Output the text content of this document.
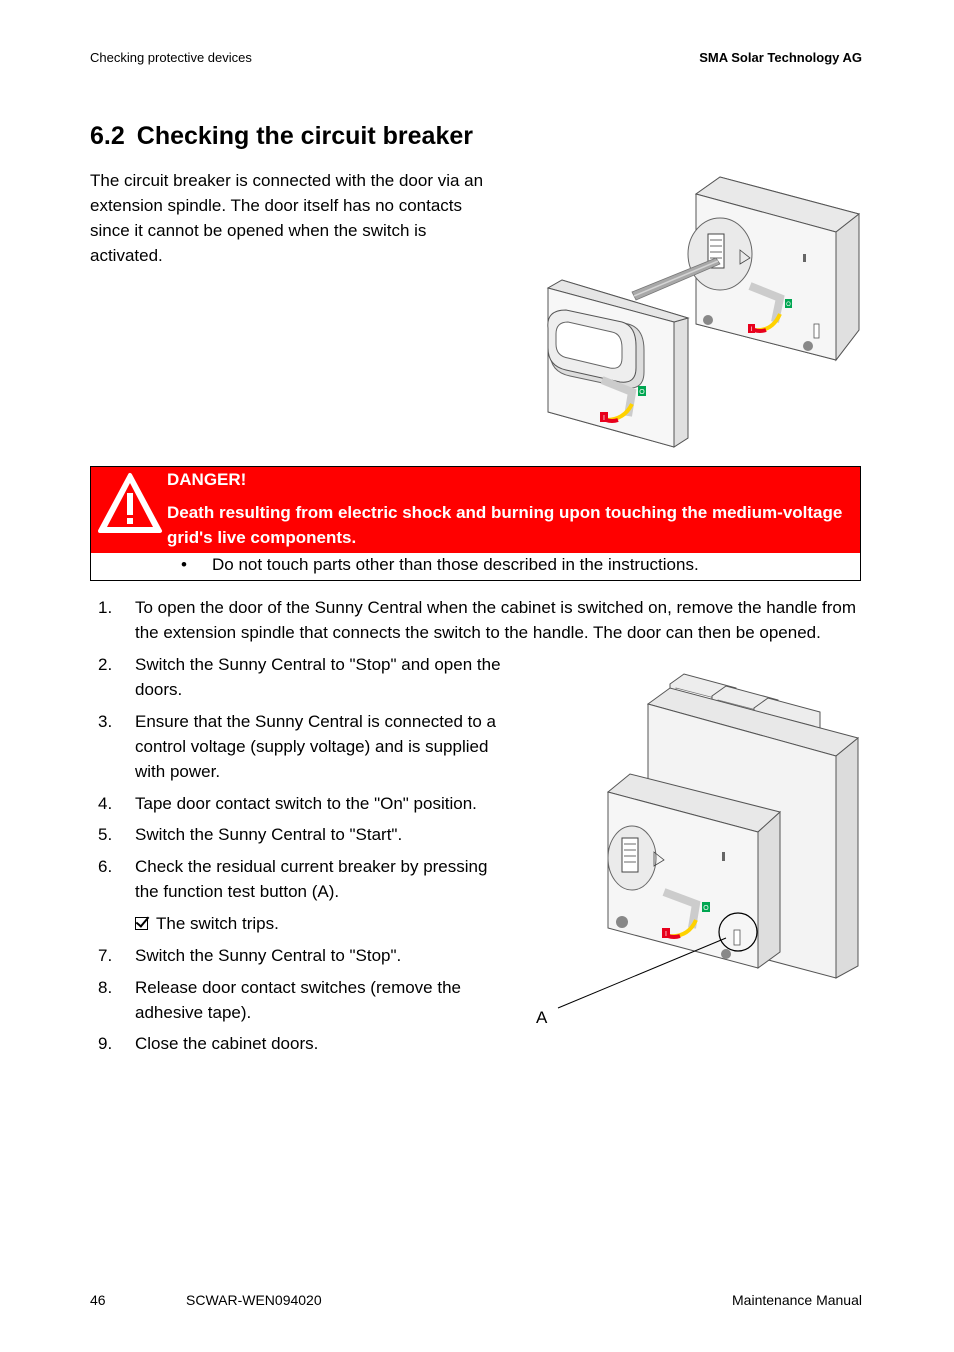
Checking protective devices	SMA Solar Technology AG
6.2 Checking the circuit breaker

The circuit breaker is connected with the door via an extension spindle. The door itself has no contacts since it cannot be opened when the switch is activated.

I
O
I
O
DANGER!
Death resulting from electric shock and burning upon touching the medium-voltage grid's live components.
• Do not touch parts other than those described in the instructions.
1. To open the door of the Sunny Central when the cabinet is switched on, remove the handle from
the extension spindle that connects the switch to the handle. The door can then be opened.
2. Switch the Sunny Central to "Stop" and open the
doors.
3. Ensure that the Sunny Central is connected to a
control voltage (supply voltage) and is supplied
with power.
4. Tape door contact switch to the "On" position.
5. Switch the Sunny Central to "Start".
6. Check the residual current breaker by pressing
the function test button (A).
The switch trips.
7. Switch the Sunny Central to "Stop".
8. Release door contact switches (remove the
adhesive tape).
9. Close the cabinet doors.
I
O
A
46	SCWAR-WEN094020	Maintenance Manual
